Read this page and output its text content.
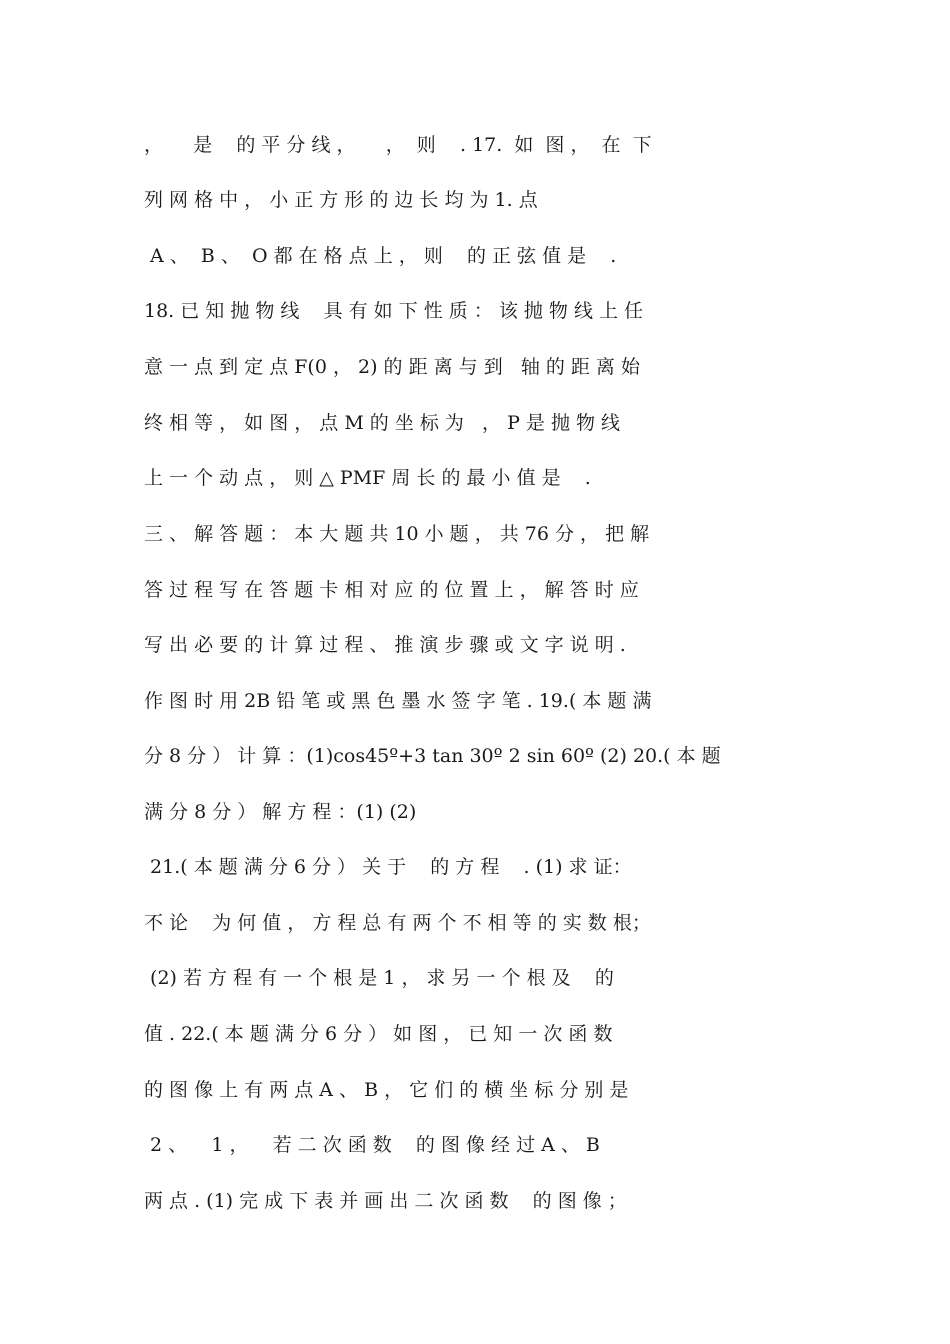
，     是    的 平 分 线 ，     ，  则    . 17.  如  图 ，  在  下
列 网 格 中 ， 小 正 方 形 的 边 长 均 为 1. 点
A 、  B 、  O 都 在 格 点 上 ， 则    的 正 弦 值 是    .
18. 已 知 抛 物 线    具 有 如 下 性 质 ： 该 抛 物 线 上 任
意 一 点 到 定 点 F(0 ， 2) 的 距 离 与 到   轴 的 距 离 始
终 相 等 ， 如 图 ， 点 M 的 坐 标 为   ， P 是 抛 物 线
上 一 个 动 点 ， 则 △ PMF 周 长 的 最 小 值 是    .
三 、 解 答 题 ： 本 大 题 共 10 小 题 ， 共 76 分 ， 把 解
答 过 程 写 在 答 题 卡 相 对 应 的 位 置 上 ， 解 答 时 应
写 出 必 要 的 计 算 过 程 、 推 演 步 骤 或 文 字 说 明 .
作 图 时 用 2B 铅 笔 或 黑 色 墨 水 签 字 笔 . 19.( 本 题 满
分 8 分 ） 计 算 ：(1)cos45º+3 tan 30º 2 sin 60º (2) 20.( 本 题
满 分 8 分 ） 解 方 程 ：(1) (2)
21.( 本 题 满 分 6 分 ） 关 于    的 方 程    . (1) 求 证：
不 论    为 何 值 ， 方 程 总 有 两 个 不 相 等 的 实 数 根；
(2) 若 方 程 有 一 个 根 是 1 ， 求 另 一 个 根 及    的
值 . 22.( 本 题 满 分 6 分 ） 如 图 ， 已 知 一 次 函 数
的 图 像 上 有 两 点 A 、 B ， 它 们 的 横 坐 标 分 别 是
2 、    1 ，    若 二 次 函 数    的 图 像 经 过 A 、 B
两 点 . (1) 完 成 下 表 并 画 出 二 次 函 数    的 图 像 ；
